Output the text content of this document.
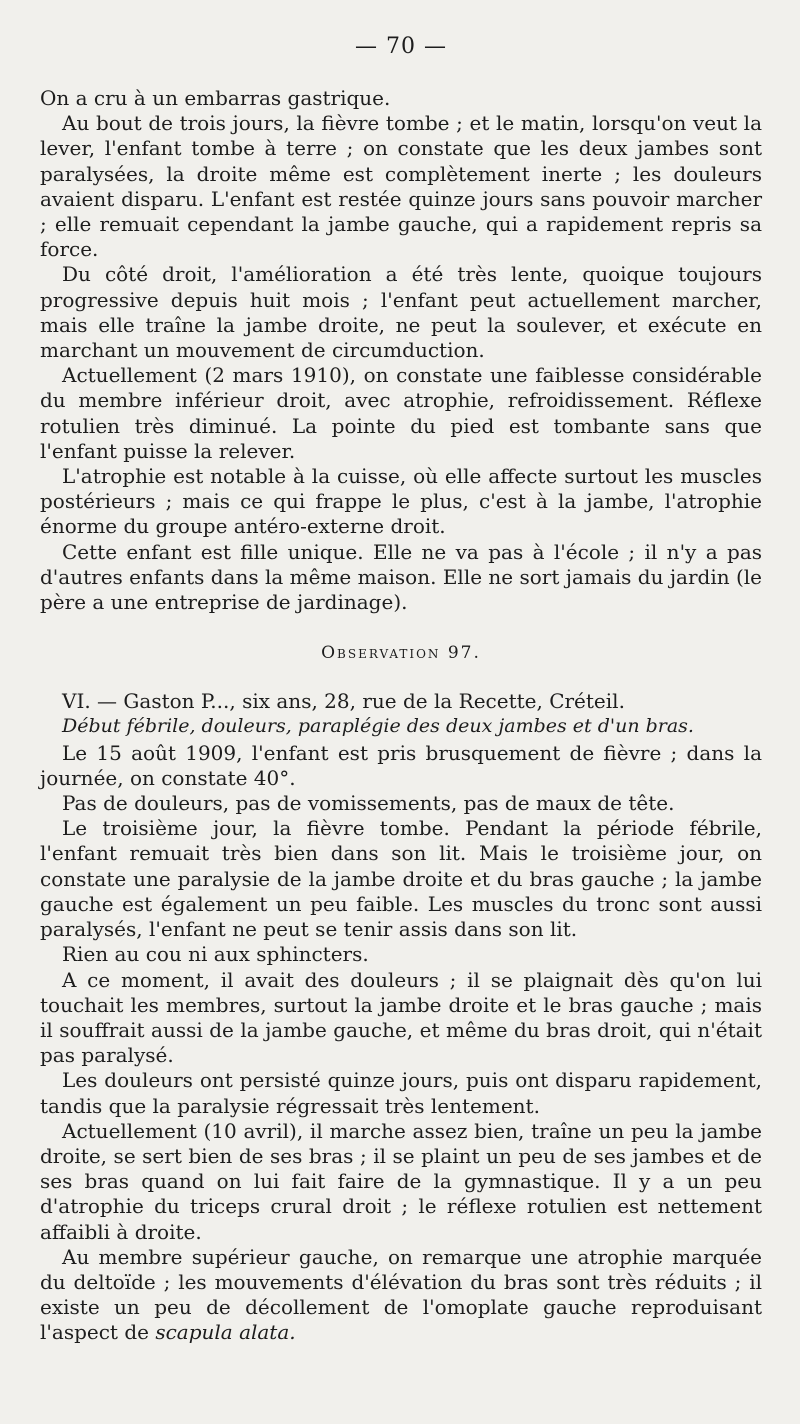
— 70 —

On a cru à un embarras gastrique.

Au bout de trois jours, la fièvre tombe ; et le matin, lorsqu'on veut la lever, l'enfant tombe à terre ; on constate que les deux jambes sont paralysées, la droite même est complètement inerte ; les douleurs avaient disparu. L'enfant est restée quinze jours sans pouvoir marcher ; elle remuait cependant la jambe gauche, qui a rapidement repris sa force.

Du côté droit, l'amélioration a été très lente, quoique toujours progressive depuis huit mois ; l'enfant peut actuellement marcher, mais elle traîne la jambe droite, ne peut la soulever, et exécute en marchant un mouvement de circumduction.

Actuellement (2 mars 1910), on constate une faiblesse considérable du membre inférieur droit, avec atrophie, refroidissement. Réflexe rotulien très diminué. La pointe du pied est tombante sans que l'enfant puisse la relever.

L'atrophie est notable à la cuisse, où elle affecte surtout les muscles postérieurs ; mais ce qui frappe le plus, c'est à la jambe, l'atrophie énorme du groupe antéro-externe droit.

Cette enfant est fille unique. Elle ne va pas à l'école ; il n'y a pas d'autres enfants dans la même maison. Elle ne sort jamais du jardin (le père a une entreprise de jardinage).

Observation 97.
VI. — Gaston P..., six ans, 28, rue de la Recette, Créteil.
Début fébrile, douleurs, paraplégie des deux jambes et d'un bras.

Le 15 août 1909, l'enfant est pris brusquement de fièvre ; dans la journée, on constate 40°.

Pas de douleurs, pas de vomissements, pas de maux de tête.

Le troisième jour, la fièvre tombe. Pendant la période fébrile, l'enfant remuait très bien dans son lit. Mais le troisième jour, on constate une paralysie de la jambe droite et du bras gauche ; la jambe gauche est également un peu faible. Les muscles du tronc sont aussi paralysés, l'enfant ne peut se tenir assis dans son lit.

Rien au cou ni aux sphincters.

A ce moment, il avait des douleurs ; il se plaignait dès qu'on lui touchait les membres, surtout la jambe droite et le bras gauche ; mais il souffrait aussi de la jambe gauche, et même du bras droit, qui n'était pas paralysé.

Les douleurs ont persisté quinze jours, puis ont disparu rapidement, tandis que la paralysie régressait très lentement.

Actuellement (10 avril), il marche assez bien, traîne un peu la jambe droite, se sert bien de ses bras ; il se plaint un peu de ses jambes et de ses bras quand on lui fait faire de la gymnastique. Il y a un peu d'atrophie du triceps crural droit ; le réflexe rotulien est nettement affaibli à droite.

Au membre supérieur gauche, on remarque une atrophie marquée du deltoïde ; les mouvements d'élévation du bras sont très réduits ; il existe un peu de décollement de l'omoplate gauche reproduisant l'aspect de scapula alata.
